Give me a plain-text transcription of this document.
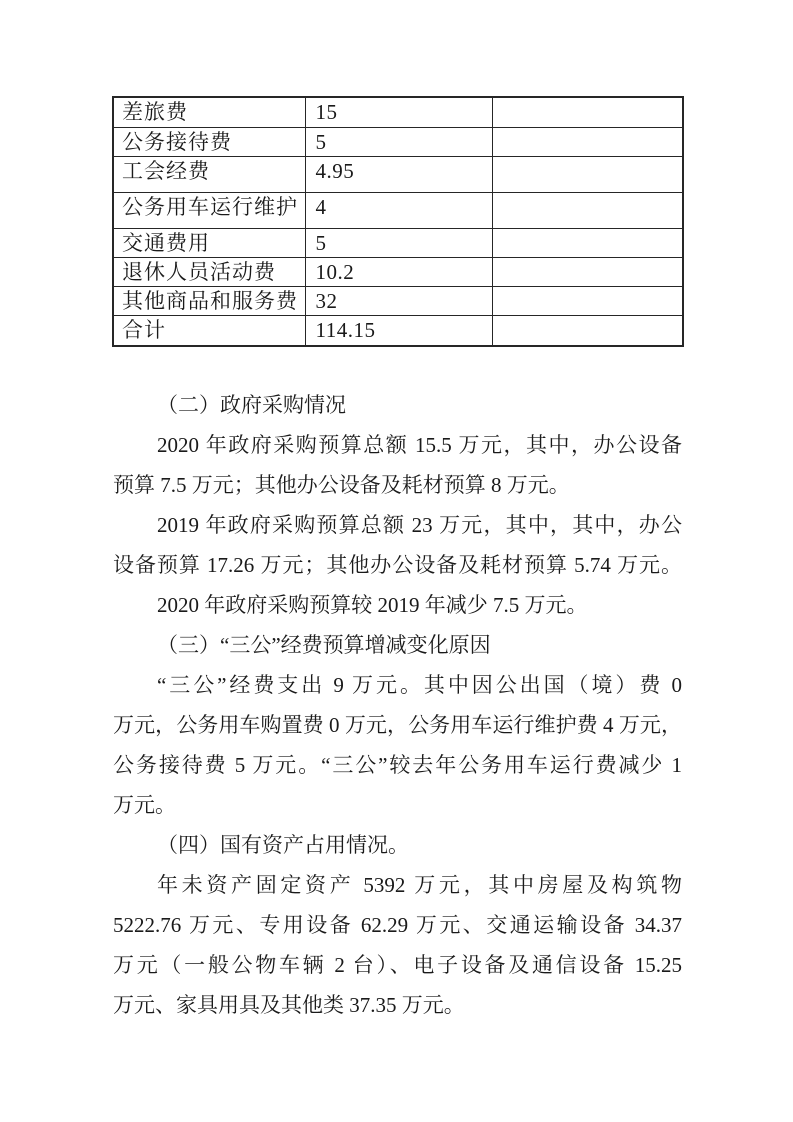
差旅费	15	
公务接待费	5	
工会经费	4.95	
公务用车运行维护	4	
交通费用	5	
退休人员活动费	10.2	
其他商品和服务费	32	
合计	114.15	
（二）政府采购情况
2020 年政府采购预算总额 15.5 万元，其中，办公设备
预算 7.5 万元；其他办公设备及耗材预算 8 万元。
2019 年政府采购预算总额 23 万元，其中，其中，办公
设备预算 17.26 万元；其他办公设备及耗材预算 5.74 万元。
2020 年政府采购预算较 2019 年减少 7.5 万元。
（三）“三公”经费预算增减变化原因
“三公”经费支出 9 万元。其中因公出国（境）费 0
万元，公务用车购置费 0 万元，公务用车运行维护费 4 万元，
公务接待费 5 万元。“三公”较去年公务用车运行费减少 1
万元。
（四）国有资产占用情况。
年未资产固定资产 5392 万元，其中房屋及构筑物
5222.76 万元、专用设备 62.29 万元、交通运输设备 34.37
万元（一般公物车辆 2 台）、电子设备及通信设备 15.25
万元、家具用具及其他类 37.35 万元。
